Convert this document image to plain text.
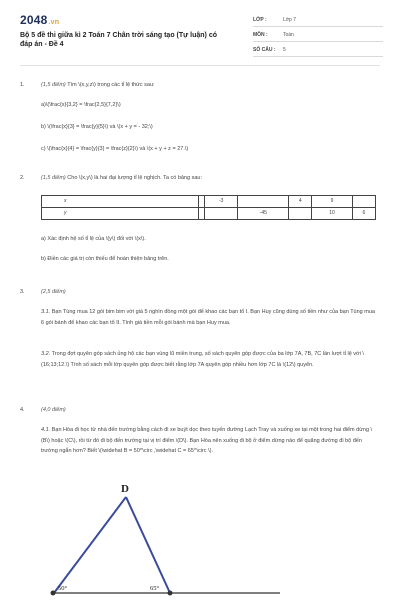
2048.vn
Bộ 5 đề thi giữa kì 2 Toán 7 Chân trời sáng tạo (Tự luận) có đáp án - Đề 4
LỚP :	Lớp 7
MÔN :	Toán
SỐ CÂU : 5
1.	(1,5 điểm) Tìm \(x,y,z\) trong các tỉ lệ thức sau:
a)\(\frac{x}{3,2} = \frac{2,5}{7,2}\)
b) \(\frac{x}{3} = \frac{y}{5}\) và \(x + y = - 32;\)
c) \(\frac{x}{4} = \frac{y}{3} = \frac{z}{2}\) và \(x + y + z = 27.\)
2.	(1,5 điểm) Cho \(x,y\) là hai đại lượng tỉ lệ nghịch. Ta có bảng sau:
x		-3		4	9	
y			-45		10	6
a) Xác định hệ số tỉ lệ của \(y\) đối với \(x\).
b) Điền các giá trị còn thiếu để hoàn thiện bảng trên.
3.	(2,5 điểm)
3.1. Bạn Tùng mua 12 gói bim bim với giá 5 nghìn đồng một gói để khao các bạn tổ I. Bạn Huy cũng dùng số tiền như của bạn Tùng mua 6 gói bánh để khao các bạn tổ II. Tính giá tiền mỗi gói bánh mà bạn Huy mua.
3.2. Trong đợt quyên góp sách ủng hộ các bạn vùng lũ miền trung, số sách quyên góp được của ba lớp 7A, 7B, 7C lần lượt tỉ lệ với \(16;13;12.\) Tính số sách mỗi lớp quyên góp được biết rằng lớp 7A quyên góp nhiều hơn lớp 7C là \(12\) quyển.
4.	(4,0 điểm)
4.1. Bạn Hòa đi học từ nhà đến trường bằng cách đi xe buýt dọc theo tuyến đường Lạch Tray và xuống xe tại một trong hai điểm dừng \(B\) hoặc \(C\), rồi từ đó đi bộ đến trường tại vị trí điểm \(D\). Bạn Hòa nên xuống đi bộ ở điểm dừng nào để quãng đường đi bộ đến trường ngắn hơn? Biết \(\widehat B = 50^\circ ,\widehat C = 65^\circ \).
D
50°	65°
